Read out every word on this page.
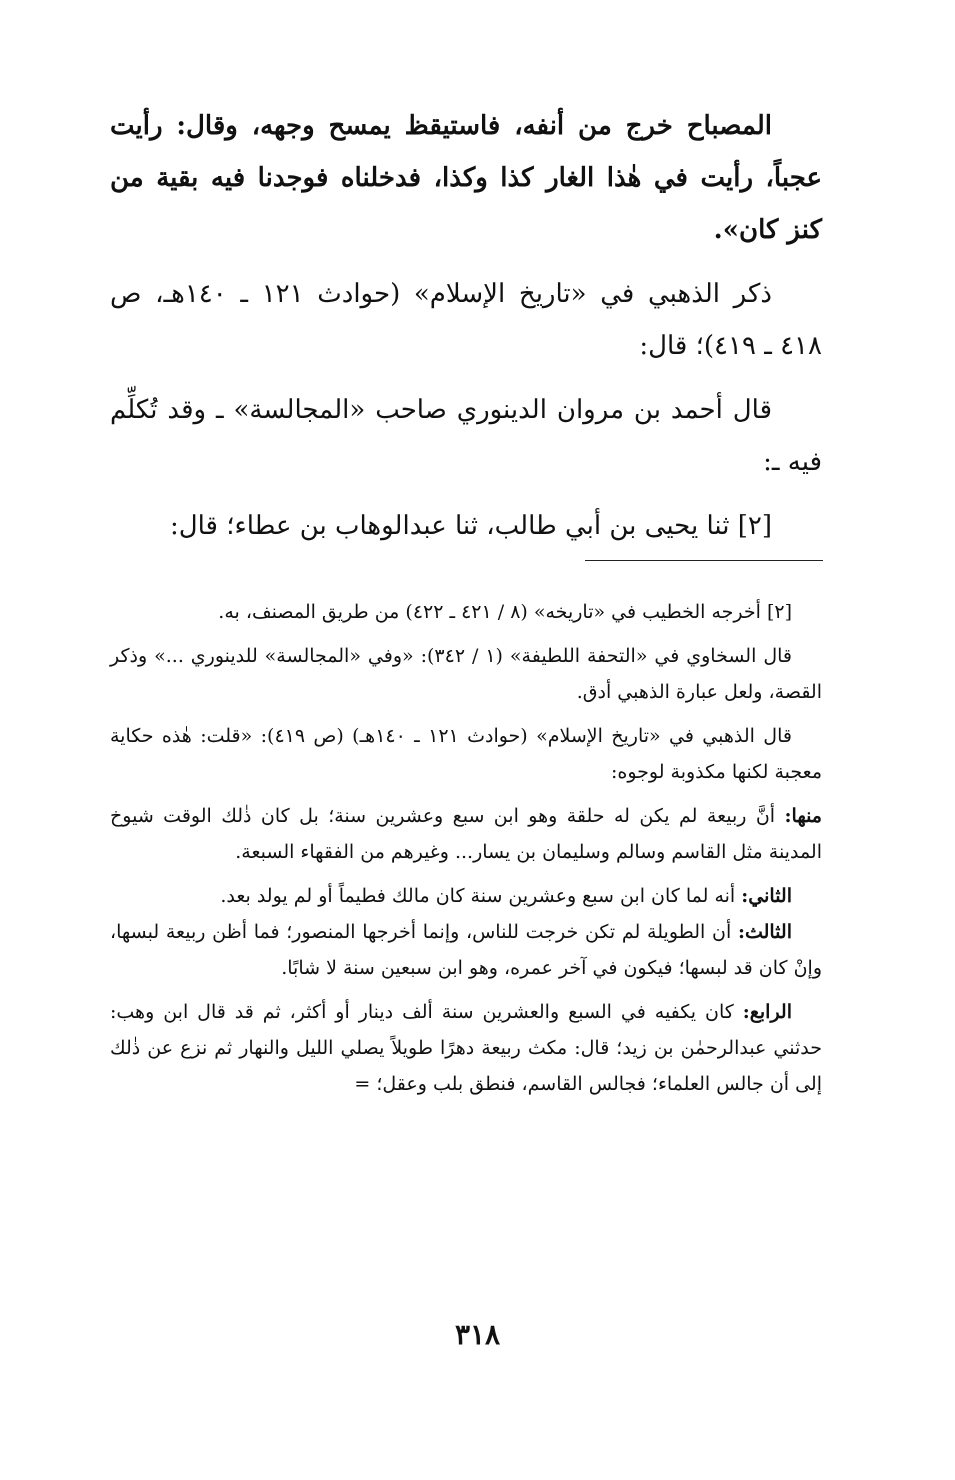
المصباح خرج من أنفه، فاستيقظ يمسح وجهه، وقال: رأيت عجباً، رأيت في هٰذا الغار كذا وكذا، فدخلناه فوجدنا فيه بقية من كنز كان».

ذكر الذهبي في «تاريخ الإسلام» (حوادث ١٢١ ـ ١٤٠هـ، ص ٤١٨ ـ ٤١٩)؛ قال:

قال أحمد بن مروان الدينوري صاحب «المجالسة» ـ وقد تُكلِّم فيه ـ:

[٢] ثنا يحيى بن أبي طالب، ثنا عبدالوهاب بن عطاء؛ قال:

[٢] أخرجه الخطيب في «تاريخه» (٨ / ٤٢١ ـ ٤٢٢) من طريق المصنف، به.

قال السخاوي في «التحفة اللطيفة» (١ / ٣٤٢): «وفي «المجالسة» للدينوري ...» وذكر القصة، ولعل عبارة الذهبي أدق.

قال الذهبي في «تاريخ الإسلام» (حوادث ١٢١ ـ ١٤٠هـ) (ص ٤١٩): «قلت: هٰذه حكاية معجبة لكنها مكذوبة لوجوه:

منها: أنَّ ربيعة لم يكن له حلقة وهو ابن سبع وعشرين سنة؛ بل كان ذٰلك الوقت شيوخ المدينة مثل القاسم وسالم وسليمان بن يسار... وغيرهم من الفقهاء السبعة.

الثاني: أنه لما كان ابن سبع وعشرين سنة كان مالك فطيماً أو لم يولد بعد.

الثالث: أن الطويلة لم تكن خرجت للناس، وإنما أخرجها المنصور؛ فما أظن ربيعة لبسها، وإنْ كان قد لبسها؛ فيكون في آخر عمره، وهو ابن سبعين سنة لا شابًا.

الرابع: كان يكفيه في السبع والعشرين سنة ألف دينار أو أكثر، ثم قد قال ابن وهب: حدثني عبدالرحمٰن بن زيد؛ قال: مكث ربيعة دهرًا طويلاً يصلي الليل والنهار ثم نزع عن ذٰلك إلى أن جالس العلماء؛ فجالس القاسم، فنطق بلب وعقل؛ =

٣١٨
